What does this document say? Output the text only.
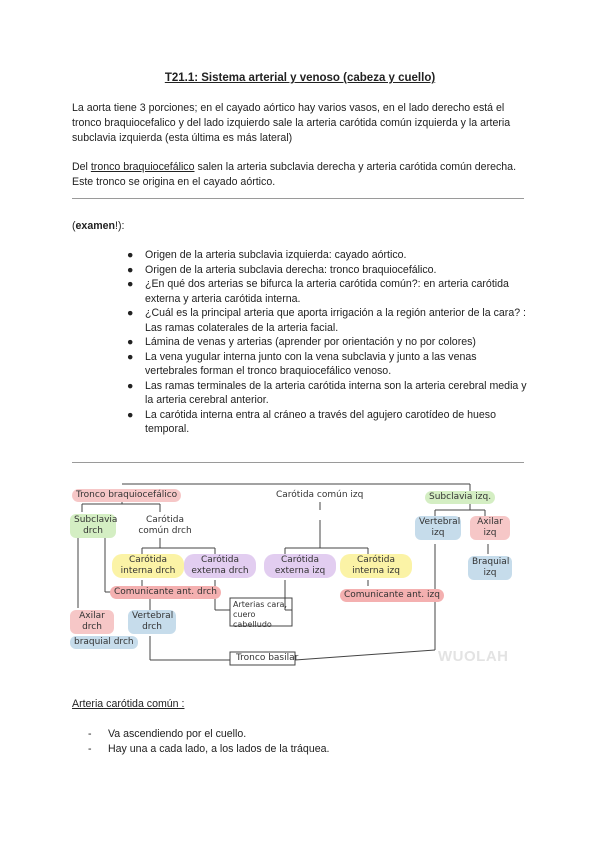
T21.1: Sistema arterial y venoso (cabeza y cuello)
La aorta tiene 3 porciones; en el cayado aórtico hay varios vasos, en el lado derecho está el tronco braquiocefalico y del lado izquierdo sale la arteria carótida común izquierda y la arteria subclavia izquierda (esta última es más lateral)
Del tronco braquiocefálico salen la arteria subclavia derecha y arteria carótida común derecha. Este tronco se origina en el cayado aórtico.
(examen!):
● Origen de la arteria subclavia izquierda: cayado aórtico.
● Origen de la arteria subclavia derecha: tronco braquiocefálico.
● ¿En qué dos arterias se bifurca la arteria carótida común?: en arteria carótida externa y arteria carótida interna.
● ¿Cuál es la principal arteria que aporta irrigación a la región anterior de la cara? : Las ramas colaterales de la arteria facial.
● Lámina de venas y arterias (aprender por orientación y no por colores)
● La vena yugular interna junto con la vena subclavia y junto a las venas vertebrales forman el tronco braquiocefálico venoso.
● Las ramas terminales de la arteria carótida interna son la arteria cerebral media y la arteria cerebral anterior.
● La carótida interna entra al cráneo a través del agujero carotídeo de hueso temporal.
Tronco braquiocefálico	Carótida común izq	Subclavia izq.
Subclavia drch
Carótida común drch
Carótida interna drch
Carótida externa drch
Carótida externa izq
Carótida interna izq
Vertebral izq
Axilar izq
Braquial izq
Comunicante ant. drch	Comunicante ant. izq
Arterias cara, cuero cabelludo
Axilar drch
Vertebral drch
braquial drch
Tronco basilar	WUOLAH
Arteria carótida común :
- Va ascendiendo por el cuello.
- Hay una a cada lado, a los lados de la tráquea.
